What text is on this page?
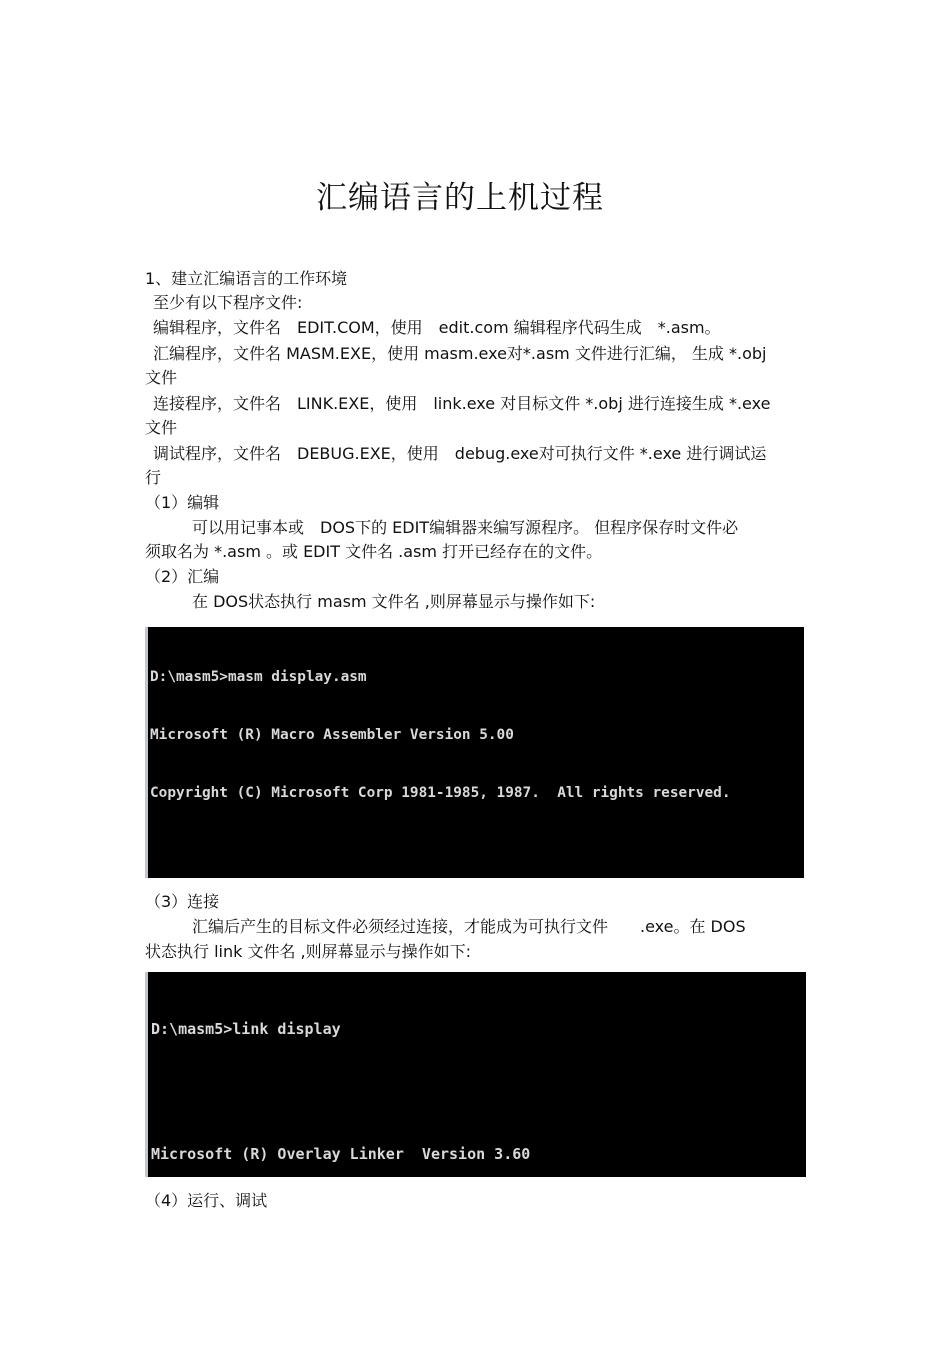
汇编语言的上机过程
1、建立汇编语言的工作环境
至少有以下程序文件:
编辑程序，文件名　EDIT.COM，使用　edit.com 编辑程序代码生成　*.asm。
汇编程序，文件名 MASM.EXE，使用 masm.exe对*.asm 文件进行汇编， 生成 *.obj
文件
连接程序，文件名　LINK.EXE，使用　link.exe 对目标文件 *.obj 进行连接生成 *.exe
文件
调试程序，文件名　DEBUG.EXE，使用　debug.exe对可执行文件 *.exe 进行调试运
行
（1）编辑
可以用记事本或　DOS下的 EDIT编辑器来编写源程序。 但程序保存时文件必
须取名为 *.asm 。或 EDIT 文件名 .asm 打开已经存在的文件。
（2）汇编
在 DOS状态执行 masm 文件名 ,则屏幕显示与操作如下:

D:\masm5>masm display.asm

Microsoft (R) Macro Assembler Version 5.00

Copyright (C) Microsoft Corp 1981-1985, 1987.  All rights reserved.

（3）连接
汇编后产生的目标文件必须经过连接，才能成为可执行文件　　.exe。在 DOS
状态执行 link 文件名 ,则屏幕显示与操作如下:

D:\masm5>link display

Microsoft (R) Overlay Linker  Version 3.60

（4）运行、调试
